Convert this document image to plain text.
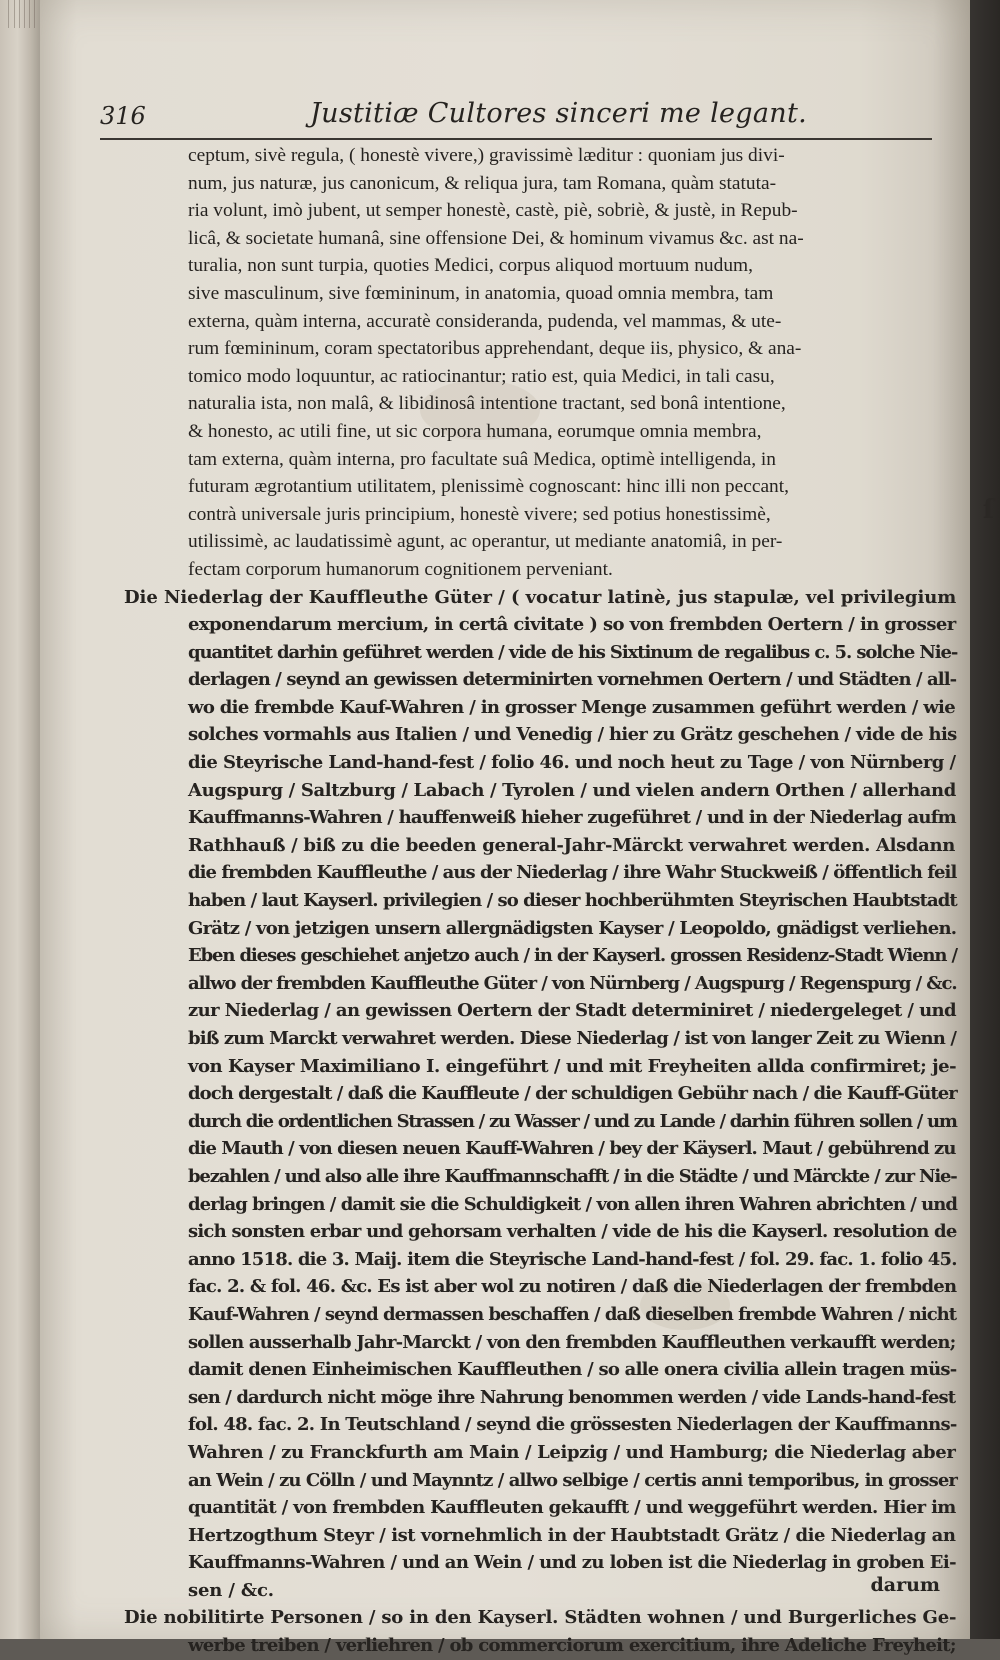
316	Justitiæ Cultores sinceri me legant.
ceptum, sivè regula, ( honestè vivere,) gravissimè læditur : quoniam jus divi-
num, jus naturæ, jus canonicum, & reliqua jura, tam Romana, quàm statuta-
ria volunt, imò jubent, ut semper honestè, castè, piè, sobriè, & justè, in Repub-
licâ, & societate humanâ, sine offensione Dei, & hominum vivamus &c. ast na-
turalia, non sunt turpia, quoties Medici, corpus aliquod mortuum nudum,
sive masculinum, sive fœmininum, in anatomia, quoad omnia membra, tam
externa, quàm interna, accuratè considerandа, pudenda, vel mammas, & ute-
rum fœmininum, coram spectatoribus apprehendant, deque iis, physico, & ana-
tomico modo loquuntur, ac ratiocinantur; ratio est, quia Medici, in tali casu,
naturalia ista, non malâ, & libidinosâ intentione tractant, sed bonâ intentione,
& honesto, ac utili fine, ut sic corpora humana, eorumque omnia membra,
tam externa, quàm interna, pro facultate suâ Medica, optimè intelligenda, in
futuram ægrotantium utilitatem, plenissimè cognoscant: hinc illi non peccant,
contrà universale juris principium, honestè vivere; sed potius honestissimè,
utilissimè, ac laudatissimè agunt, ac operantur, ut mediante anatomiâ, in per-
fectam corporum humanorum cognitionem perveniant.
Die Niederlag der Kauffleuthe Güter / ( vocatur latinè, jus stapulæ, vel privilegium
exponendarum mercium, in certâ civitate ) so von frembden Oertern / in grosser
quantitet darhin geführet werden / vide de his Sixtinum de regalibus c. 5. solche Nie-
derlagen / seynd an gewissen determinirten vornehmen Oertern / und Städten / all-
wo die frembde Kauf-Wahren / in grosser Menge zusammen geführt werden / wie
solches vormahls aus Italien / und Venedig / hier zu Grätz geschehen / vide de his
die Steyrische Land-hand-fest / folio 46. und noch heut zu Tage / von Nürnberg /
Augspurg / Saltzburg / Labach / Tyrolen / und vielen andern Orthen / allerhand
Kauffmanns-Wahren / hauffenweiß hieher zugeführet / und in der Niederlag aufm
Rathhauß / biß zu die beeden general-Jahr-Märckt verwahret werden. Alsdann
die frembden Kauffleuthe / aus der Niederlag / ihre Wahr Stuckweiß / öffentlich feil
haben / laut Kayserl. privilegien / so dieser hochberühmten Steyrischen Haubtstadt
Grätz / von jetzigen unsern allergnädigsten Kayser / Leopoldo, gnädigst verliehen.
Eben dieses geschiehet anjetzo auch / in der Kayserl. grossen Residenz-Stadt Wienn /
allwo der frembden Kauffleuthe Güter / von Nürnberg / Augspurg / Regenspurg / &c.
zur Niederlag / an gewissen Oertern der Stadt determiniret / niedergeleget / und
biß zum Marckt verwahret werden. Diese Niederlag / ist von langer Zeit zu Wienn /
von Kayser Maximiliano I. eingeführt / und mit Freyheiten allda confirmiret; je-
doch dergestalt / daß die Kauffleute / der schuldigen Gebühr nach / die Kauff-Güter
durch die ordentlichen Strassen / zu Wasser / und zu Lande / darhin führen sollen / um
die Mauth / von diesen neuen Kauff-Wahren / bey der Käyserl. Maut / gebührend zu
bezahlen / und also alle ihre Kauffmannschafft / in die Städte / und Märckte / zur Nie-
derlag bringen / damit sie die Schuldigkeit / von allen ihren Wahren abrichten / und
sich sonsten erbar und gehorsam verhalten / vide de his die Kayserl. resolution de
anno 1518. die 3. Maij. item die Steyrische Land-hand-fest / fol. 29. fac. 1. folio 45.
fac. 2. & fol. 46. &c. Es ist aber wol zu notiren / daß die Niederlagen der frembden
Kauf-Wahren / seynd dermassen beschaffen / daß dieselben frembde Wahren / nicht
sollen ausserhalb Jahr-Marckt / von den frembden Kauffleuthen verkaufft werden;
damit denen Einheimischen Kauffleuthen / so alle onera civilia allein tragen müs-
sen / dardurch nicht möge ihre Nahrung benommen werden / vide Lands-hand-fest
fol. 48. fac. 2. In Teutschland / seynd die grössesten Niederlagen der Kauffmanns-
Wahren / zu Franckfurth am Main / Leipzig / und Hamburg; die Niederlag aber
an Wein / zu Cölln / und Maynntz / allwo selbige / certis anni temporibus, in grosser
quantität / von frembden Kauffleuten gekaufft / und weggeführt werden. Hier im
Hertzogthum Steyr / ist vornehmlich in der Haubtstadt Grätz / die Niederlag an
Kauffmanns-Wahren / und an Wein / und zu loben ist die Niederlag in groben Ei-
sen / &c.
Die nobilitirte Personen / so in den Kayserl. Städten wohnen / und Burgerliches Ge-
werbe treiben / verliehren / ob commerciorum exercitium, ihre Adeliche Freyheit;
ſ
darum
